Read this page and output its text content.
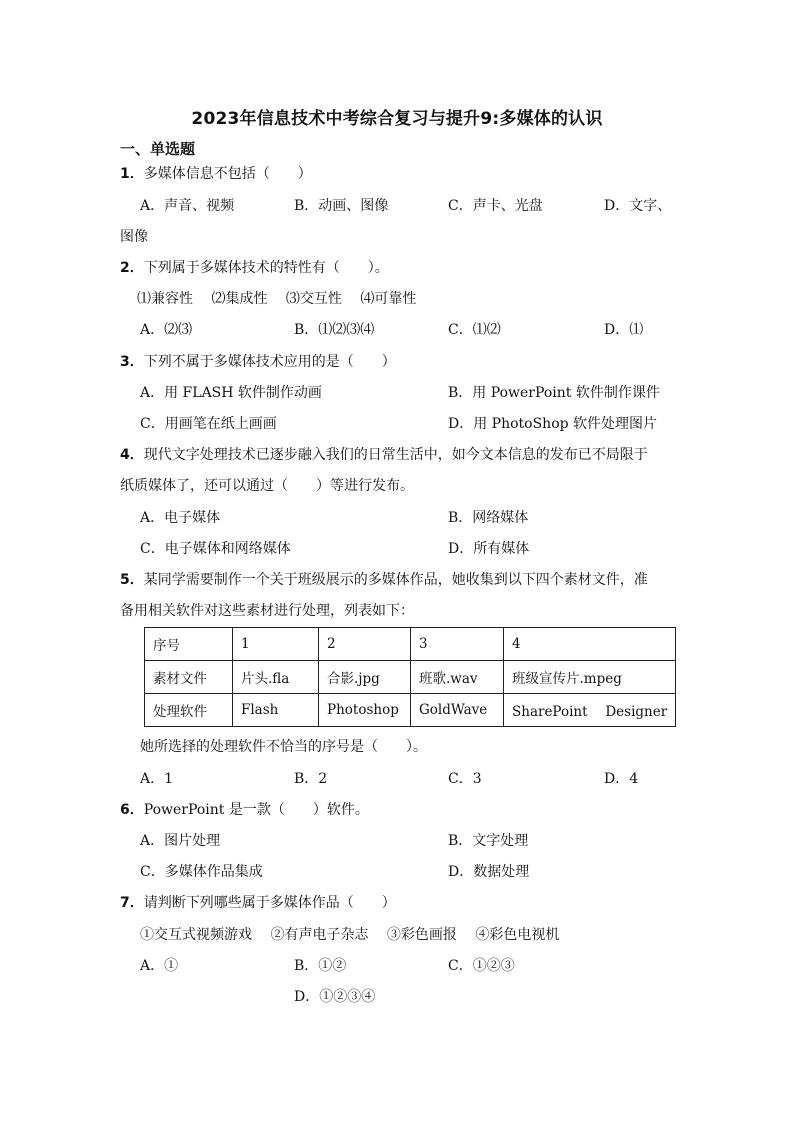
2023年信息技术中考综合复习与提升9:多媒体的认识
一、单选题
1．多媒体信息不包括（　　）
A．声音、视频	B．动画、图像	C．声卡、光盘	D．文字、
图像
2．下列属于多媒体技术的特性有（　　）。
⑴兼容性　 ⑵集成性　 ⑶交互性　 ⑷可靠性
A．⑵⑶	B．⑴⑵⑶⑷	C．⑴⑵	D．⑴
3．下列不属于多媒体技术应用的是（　　）
A．用 FLASH 软件制作动画	B．用 PowerPoint 软件制作课件
C．用画笔在纸上画画	D．用 PhotoShop 软件处理图片
4．现代文字处理技术已逐步融入我们的日常生活中，如今文本信息的发布已不局限于
纸质媒体了，还可以通过（　　）等进行发布。
A．电子媒体	B．网络媒体
C．电子媒体和网络媒体	D．所有媒体
5．某同学需要制作一个关于班级展示的多媒体作品，她收集到以下四个素材文件，准
备用相关软件对这些素材进行处理，列表如下：
序号	1	2	3	4
素材文件	片头.fla	合影.jpg	班歌.wav	班级宣传片.mpeg
处理软件	Flash	Photoshop	GoldWave	SharePoint　 Designer
她所选择的处理软件不恰当的序号是（　　）。
A．1	B．2	C．3	D．4
6．PowerPoint 是一款（　　）软件。
A．图片处理	B．文字处理
C．多媒体作品集成	D．数据处理
7．请判断下列哪些属于多媒体作品（　　）
①交互式视频游戏　 ②有声电子杂志　 ③彩色画报　 ④彩色电视机
A．①	B．①②	C．①②③
D．①②③④
